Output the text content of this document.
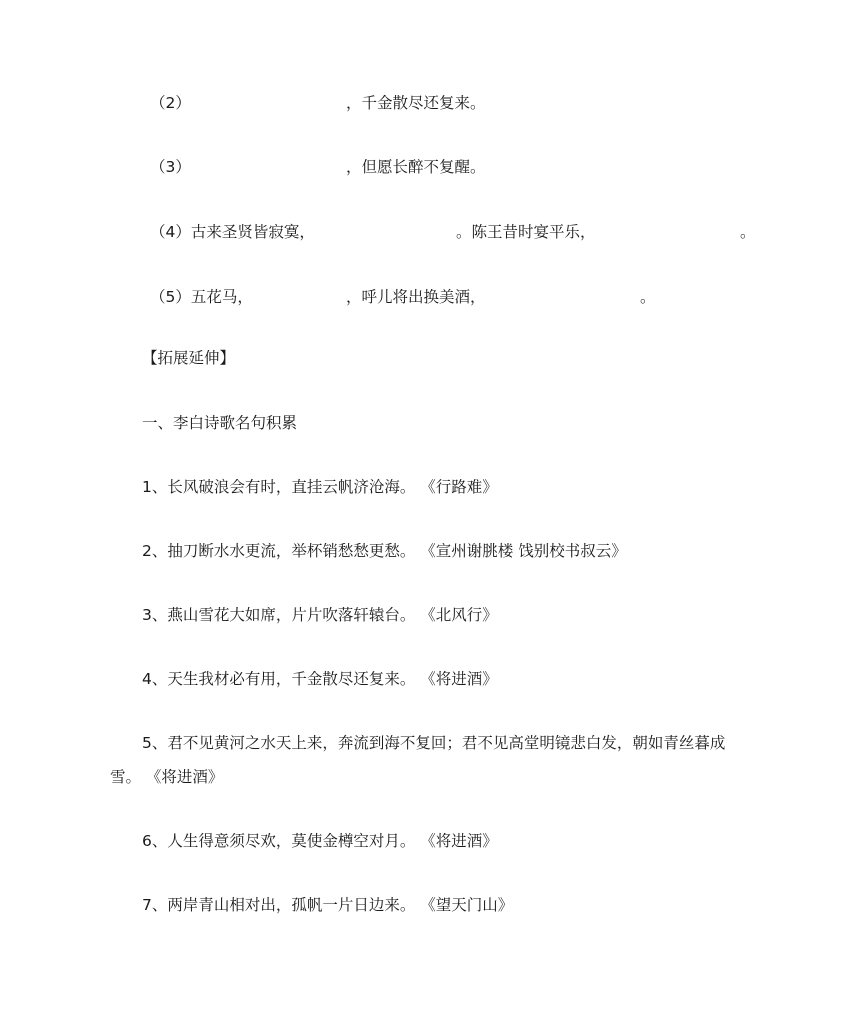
（2）	，千金散尽还复来。
（3）	，但愿长醉不复醒。
（4）古来圣贤皆寂寞，	。陈王昔时宴平乐，	。
（5）五花马，	，呼儿将出换美酒，	。
【拓展延伸】
一、李白诗歌名句积累
1、长风破浪会有时，直挂云帆济沧海。 《行路难》
2、抽刀断水水更流，举杯销愁愁更愁。 《宣州谢朓楼 饯别校书叔云》
3、燕山雪花大如席，片片吹落轩辕台。 《北风行》
4、天生我材必有用，千金散尽还复来。 《将进酒》
5、君不见黄河之水天上来，奔流到海不复回；君不见高堂明镜悲白发，朝如青丝暮成
雪。 《将进酒》
6、人生得意须尽欢，莫使金樽空对月。 《将进酒》
7、两岸青山相对出，孤帆一片日边来。 《望天门山》
